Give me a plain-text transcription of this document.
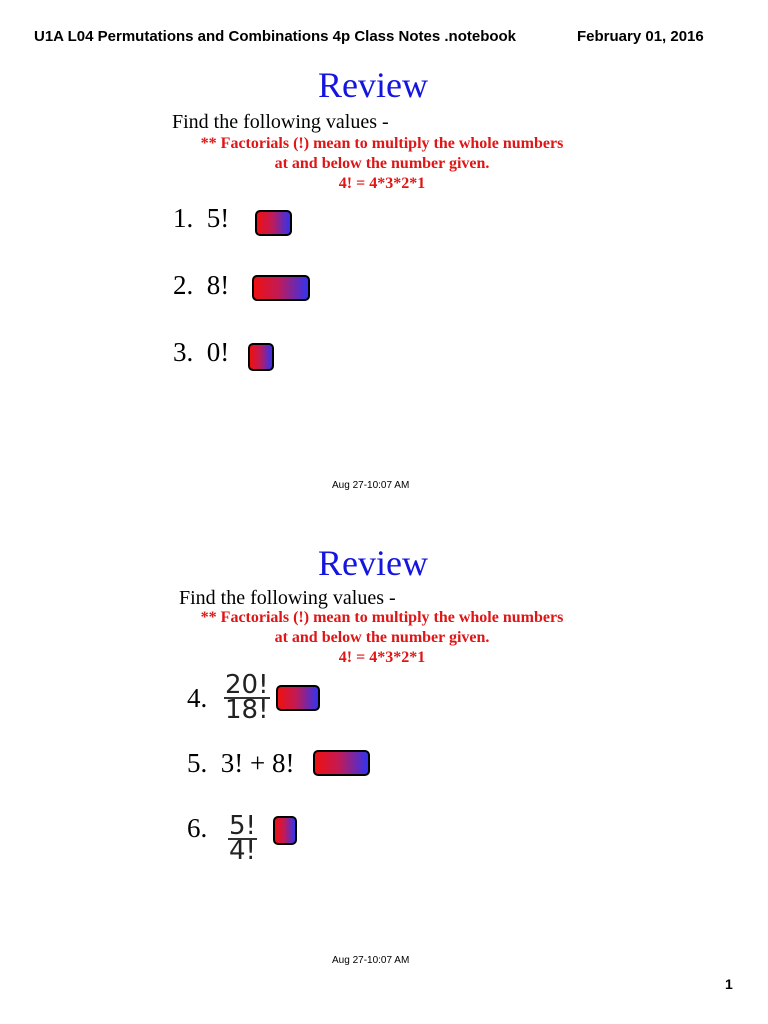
U1A L04 Permutations and Combinations 4p Class Notes .notebook	February 01, 2016
Review
Find the following values -
** Factorials (!) mean to multiply the whole numbers
at and below the number given.
4! = 4*3*2*1
1. 5!
2. 8!
3. 0!
Aug 27-10:07 AM
Review
Find the following values -
** Factorials (!) mean to multiply the whole numbers
at and below the number given.
4! = 4*3*2*1
4. $\frac{20!}{18!}$
5. 3! + 8!
6. $\frac{5!}{4!}$
Aug 27-10:07 AM
1
